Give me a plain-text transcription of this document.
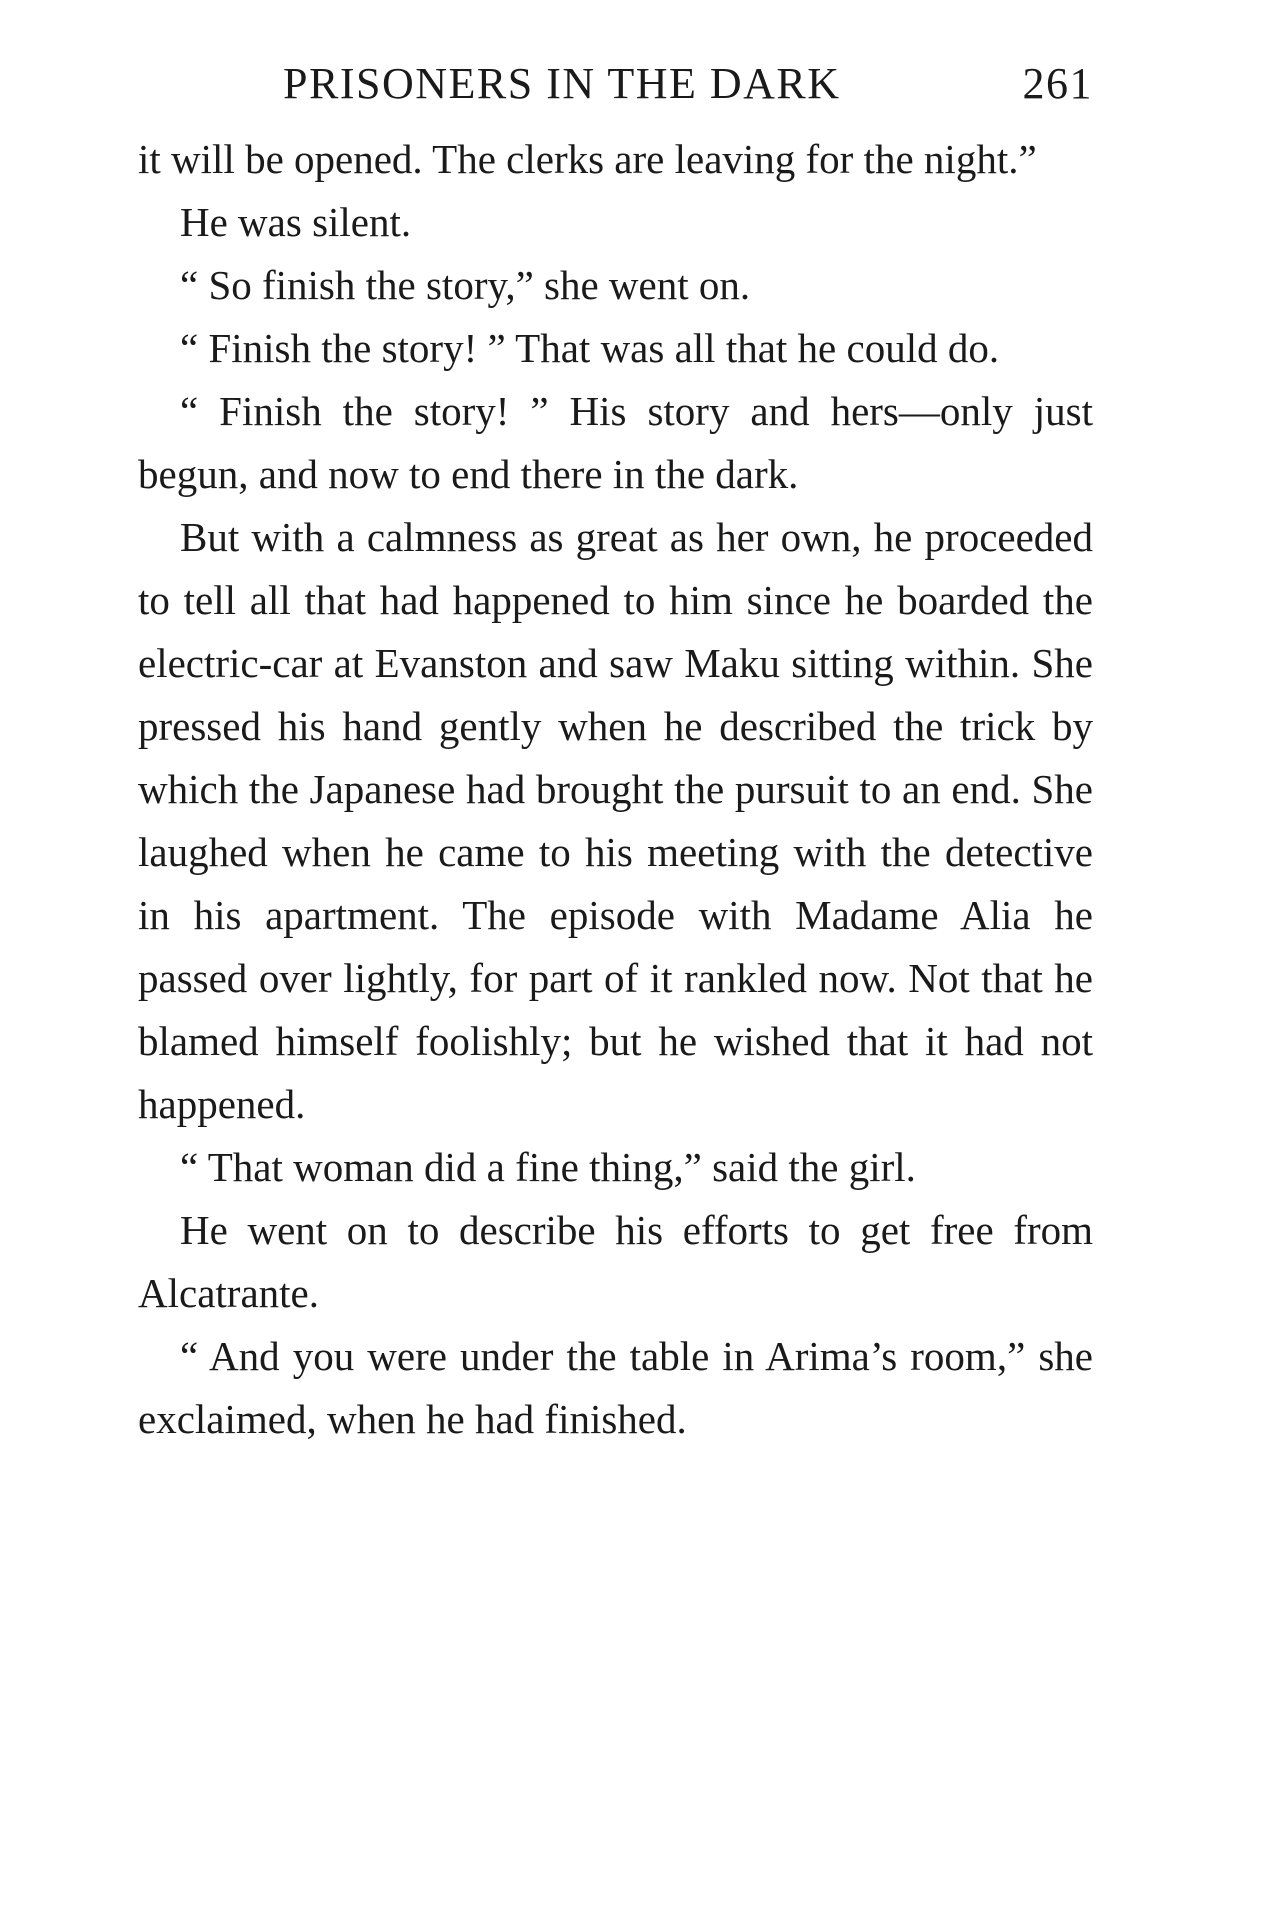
PRISONERS IN THE DARK	261

it will be opened. The clerks are leaving for the night.”

He was silent.

“ So finish the story,” she went on.

“ Finish the story! ” That was all that he could do.

“ Finish the story! ” His story and hers—only just begun, and now to end there in the dark.

But with a calmness as great as her own, he proceeded to tell all that had happened to him since he boarded the electric-car at Evanston and saw Maku sitting within. She pressed his hand gently when he described the trick by which the Japanese had brought the pursuit to an end. She laughed when he came to his meeting with the detective in his apartment. The episode with Madame Alia he passed over lightly, for part of it rankled now. Not that he blamed himself foolishly; but he wished that it had not happened.

“ That woman did a fine thing,” said the girl.

He went on to describe his efforts to get free from Alcatrante.

“ And you were under the table in Arima’s room,” she exclaimed, when he had finished.
